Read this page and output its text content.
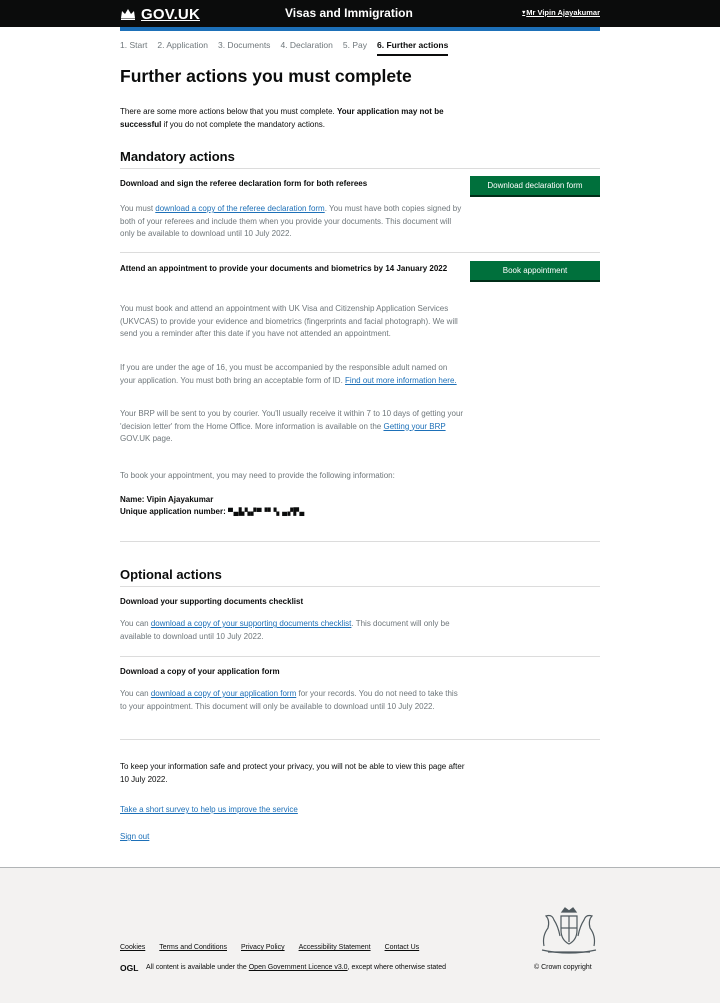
GOV.UK	Visas and Immigration	▾ Mr Vipin Ajayakumar
1. Start 2. Application 3. Documents 4. Declaration 5. Pay 6. Further actions
Further actions you must complete

There are some more actions below that you must complete. Your application may not be successful if you do not complete the mandatory actions.

Mandatory actions
Download and sign the referee declaration form for both referees	Download declaration form

You must download a copy of the referee declaration form. You must have both copies signed by both of your referees and include them when you provide your documents. This document will only be available to download until 10 July 2022.

Attend an appointment to provide your documents and biometrics by 14 January 2022	Book appointment

You must book and attend an appointment with UK Visa and Citizenship Application Services (UKVCAS) to provide your evidence and biometrics (fingerprints and facial photograph). We will send you a reminder after this date if you have not attended an appointment.

If you are under the age of 16, you must be accompanied by the responsible adult named on your application. You must both bring an acceptable form of ID. Find out more information here.

Your BRP will be sent to you by courier. You'll usually receive it within 7 to 10 days of getting your 'decision letter' from the Home Office. More information is available on the Getting your BRP GOV.UK page.

To book your appointment, you may need to provide the following information:

Name: Vipin Ajayakumar
Unique application number: ▀▄▙▚▞▀▝▘▚ ▄▞▛▄
Optional actions
Download your supporting documents checklist

You can download a copy of your supporting documents checklist. This document will only be available to download until 10 July 2022.

Download a copy of your application form

You can download a copy of your application form for your records. You do not need to take this to your appointment. This document will only be available to download until 10 July 2022.

To keep your information safe and protect your privacy, you will not be able to view this page after 10 July 2022.

Take a short survey to help us improve the service
Sign out
Cookies Terms and Conditions Privacy Policy Accessibility Statement Contact Us
OGL All content is available under the Open Government Licence v3.0, except where otherwise stated	© Crown copyright
